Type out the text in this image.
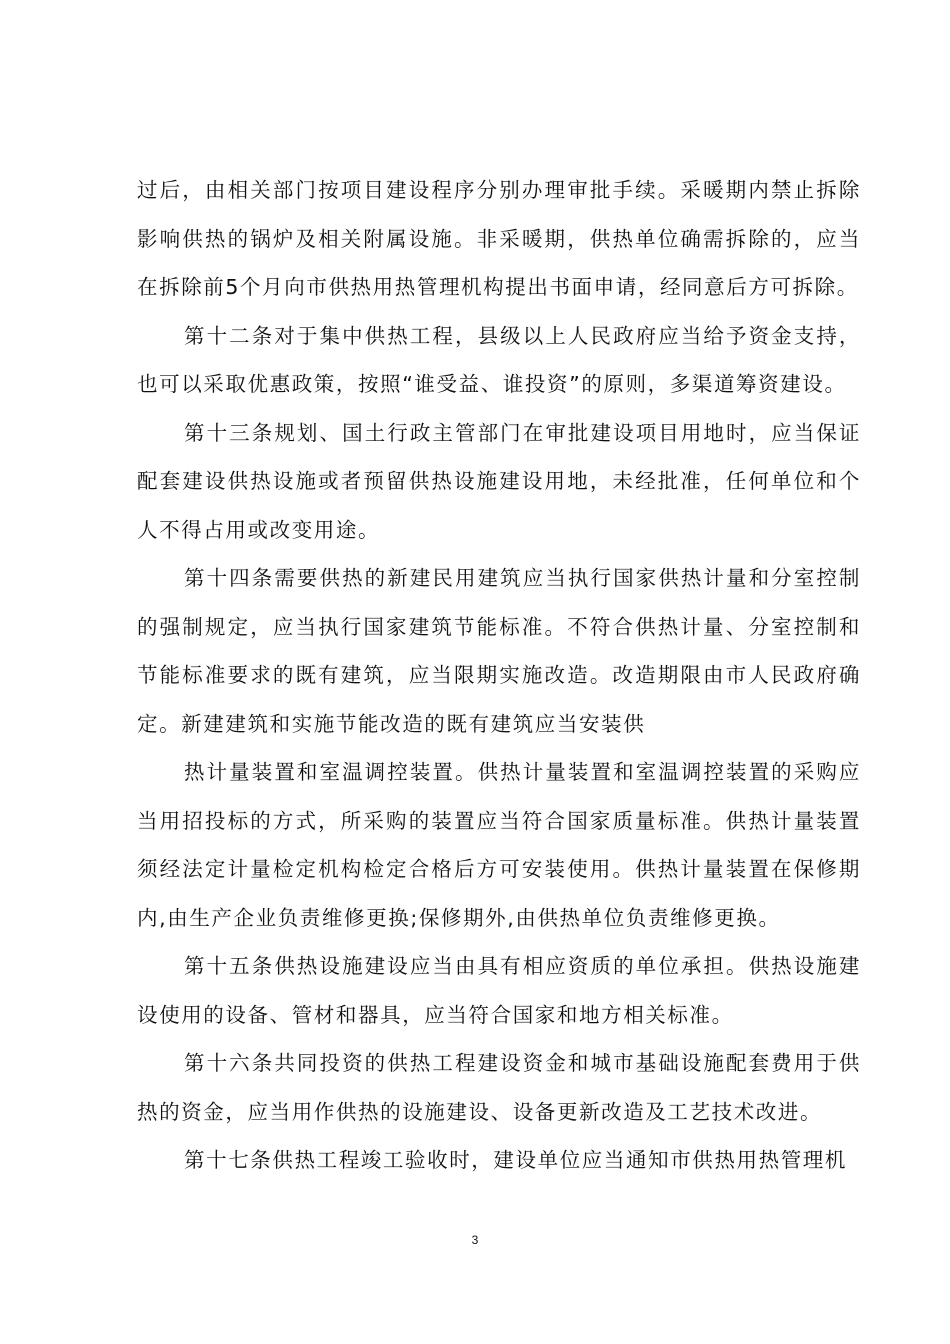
过后，由相关部门按项目建设程序分别办理审批手续。采暖期内禁止拆除影响供热的锅炉及相关附属设施。非采暖期，供热单位确需拆除的，应当在拆除前5个月向市供热用热管理机构提出书面申请，经同意后方可拆除。

第十二条对于集中供热工程，县级以上人民政府应当给予资金支持，也可以采取优惠政策，按照“谁受益、谁投资”的原则，多渠道筹资建设。

第十三条规划、国土行政主管部门在审批建设项目用地时，应当保证配套建设供热设施或者预留供热设施建设用地，未经批准，任何单位和个人不得占用或改变用途。

第十四条需要供热的新建民用建筑应当执行国家供热计量和分室控制的强制规定，应当执行国家建筑节能标准。不符合供热计量、分室控制和节能标准要求的既有建筑，应当限期实施改造。改造期限由市人民政府确定。新建建筑和实施节能改造的既有建筑应当安装供

热计量装置和室温调控装置。供热计量装置和室温调控装置的采购应当用招投标的方式，所采购的装置应当符合国家质量标准。供热计量装置须经法定计量检定机构检定合格后方可安装使用。供热计量装置在保修期内,由生产企业负责维修更换;保修期外,由供热单位负责维修更换。

第十五条供热设施建设应当由具有相应资质的单位承担。供热设施建设使用的设备、管材和器具，应当符合国家和地方相关标准。

第十六条共同投资的供热工程建设资金和城市基础设施配套费用于供热的资金，应当用作供热的设施建设、设备更新改造及工艺技术改进。

第十七条供热工程竣工验收时，建设单位应当通知市供热用热管理机

3
